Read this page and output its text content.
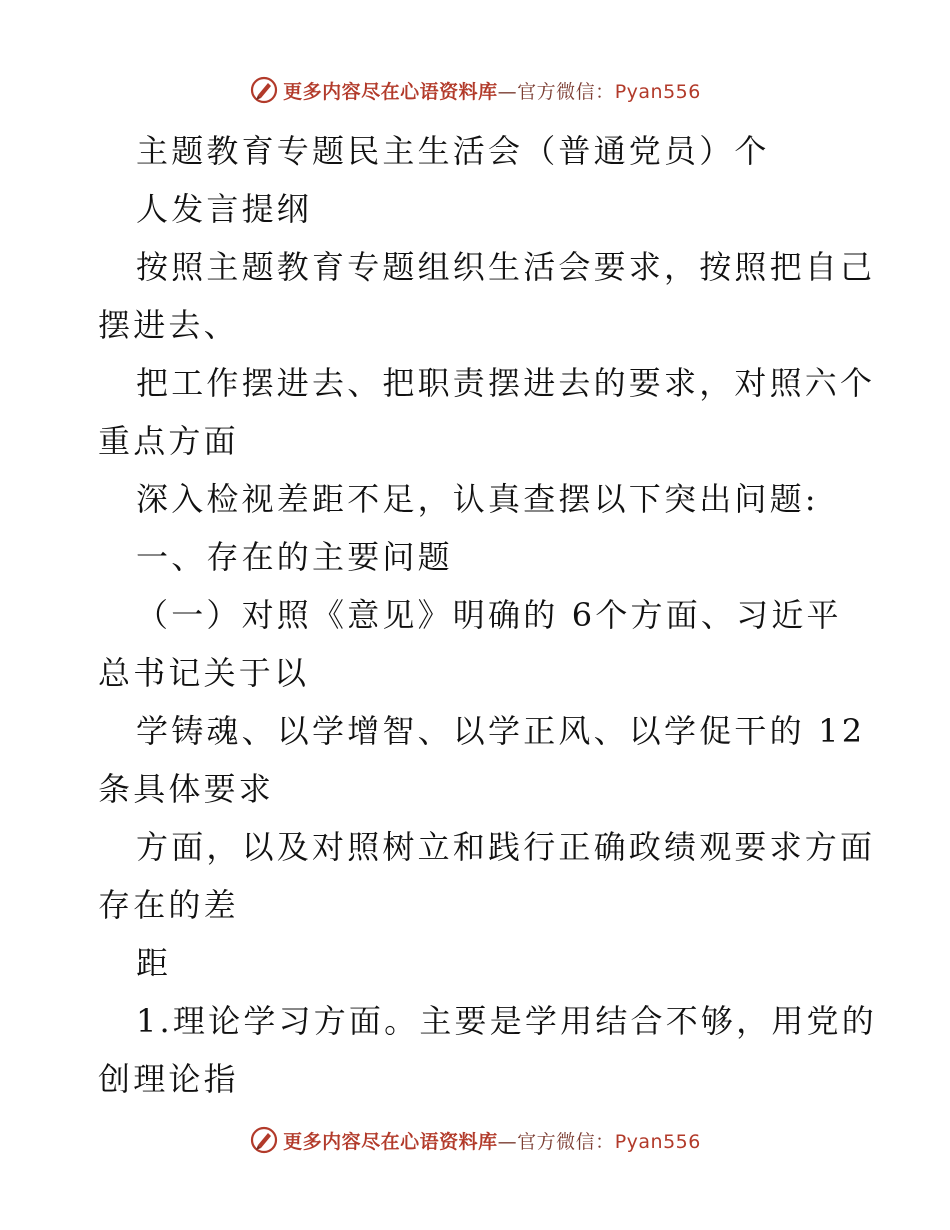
更多内容尽在心语资料库—官方微信：Pyan556
主题教育专题民主生活会（普通党员）个
人发言提纲
按照主题教育专题组织生活会要求，按照把自己
摆进去、
把工作摆进去、把职责摆进去的要求，对照六个
重点方面
深入检视差距不足，认真查摆以下突出问题:
一、存在的主要问题
（一）对照《意见》明确的 6个方面、习近平
总书记关于以
学铸魂、以学增智、以学正风、以学促干的 12
条具体要求
方面，以及对照树立和践行正确政绩观要求方面
存在的差
距
1.理论学习方面。主要是学用结合不够，用党的
创理论指
更多内容尽在心语资料库—官方微信：Pyan556
